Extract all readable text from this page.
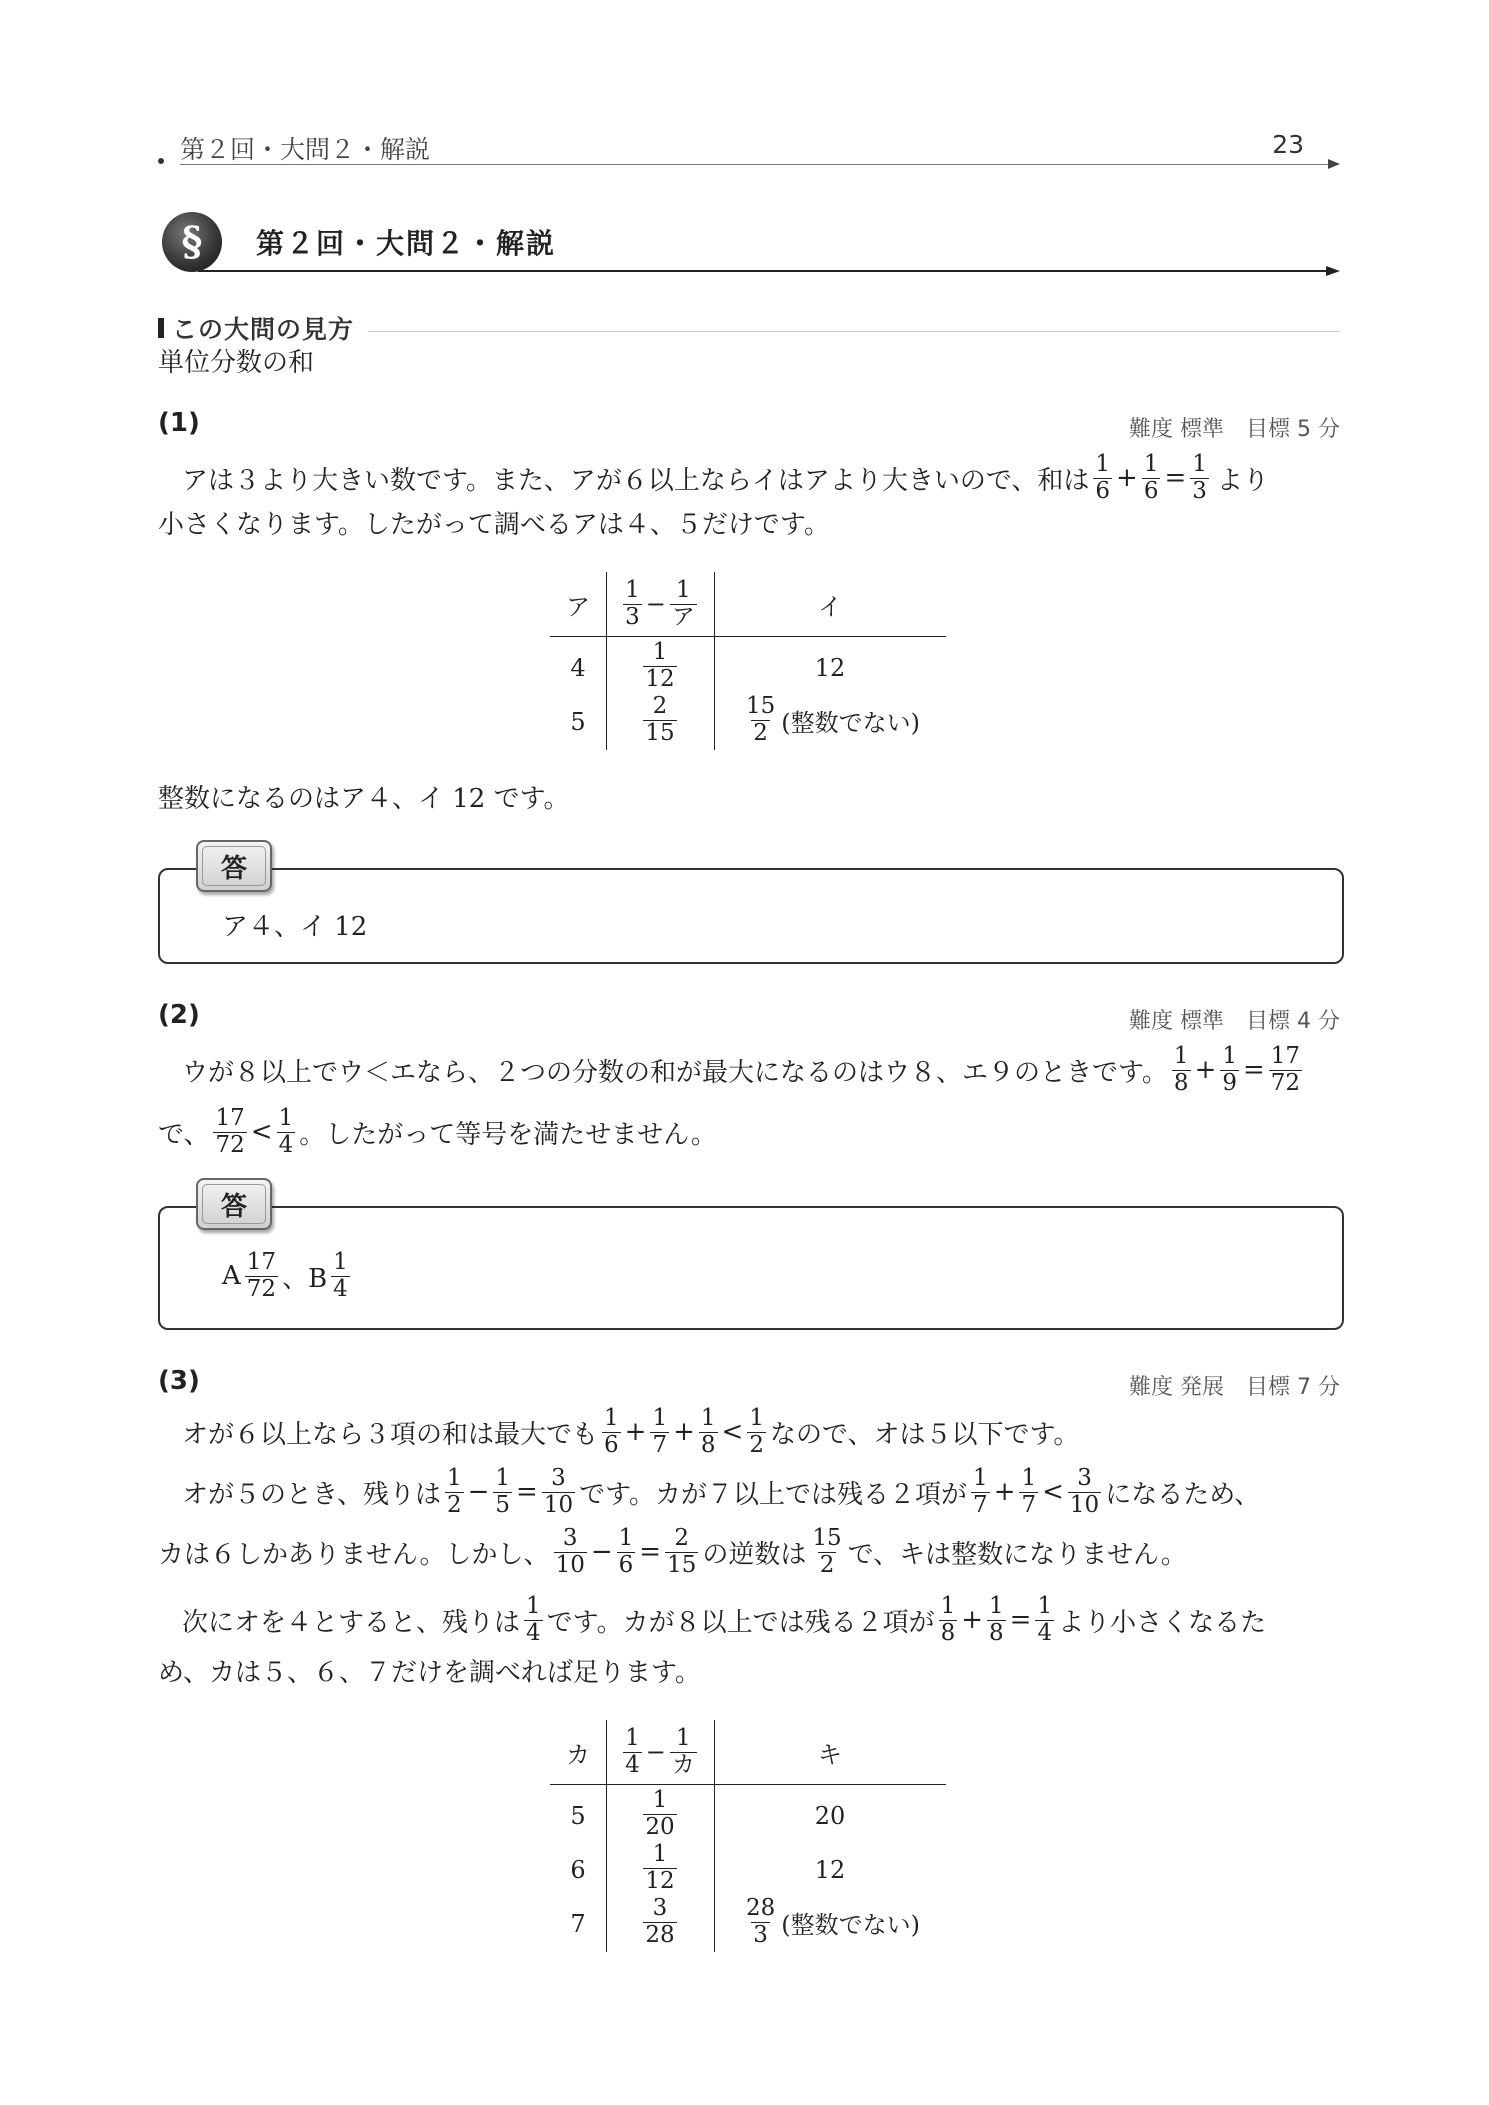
第２回・大問２・解説	23
§	第２回・大問２・解説
この大問の見方
単位分数の和
(1)	難度 標準　目標 5 分
アは３より大きい数です。また、アが６以上ならイはアより大きいので、和は $\frac{1}{6} + \frac{1}{6} = \frac{1}{3}$ より
小さくなります。したがって調べるアは４、５だけです。
ア	$\frac{1}{3} - \frac{1}{\text{ア}}$	イ
4	$\frac{1}{12}$	12
5	$\frac{2}{15}$	$\frac{15}{2}$ (整数でない)
整数になるのはア４、イ 12 です。
ア４、イ 12
答
(2)	難度 標準　目標 4 分
ウが８以上でウ＜エなら、２つの分数の和が最大になるのはウ８、エ９のときです。 $\frac{1}{8} + \frac{1}{9} = \frac{17}{72}$
で、 $\frac{17}{72} < \frac{1}{4}$ 。したがって等号を満たせません。
A $\frac{17}{72}$ 、B $\frac{1}{4}$
答
(3)	難度 発展　目標 7 分
オが６以上なら３項の和は最大でも $\frac{1}{6} + \frac{1}{7} + \frac{1}{8} < \frac{1}{2}$ なので、オは５以下です。
オが５のとき、残りは $\frac{1}{2} - \frac{1}{5} = \frac{3}{10}$ です。カが７以上では残る２項が $\frac{1}{7} + \frac{1}{7} < \frac{3}{10}$ になるため、
カは６しかありません。しかし、 $\frac{3}{10} - \frac{1}{6} = \frac{2}{15}$ の逆数は $\frac{15}{2}$ で、キは整数になりません。
次にオを４とすると、残りは $\frac{1}{4}$ です。カが８以上では残る２項が $\frac{1}{8} + \frac{1}{8} = \frac{1}{4}$ より小さくなるた
め、カは５、６、７だけを調べれば足ります。
カ	$\frac{1}{4} - \frac{1}{\text{カ}}$	キ
5	$\frac{1}{20}$	20
6	$\frac{1}{12}$	12
7	$\frac{3}{28}$	$\frac{28}{3}$ (整数でない)
